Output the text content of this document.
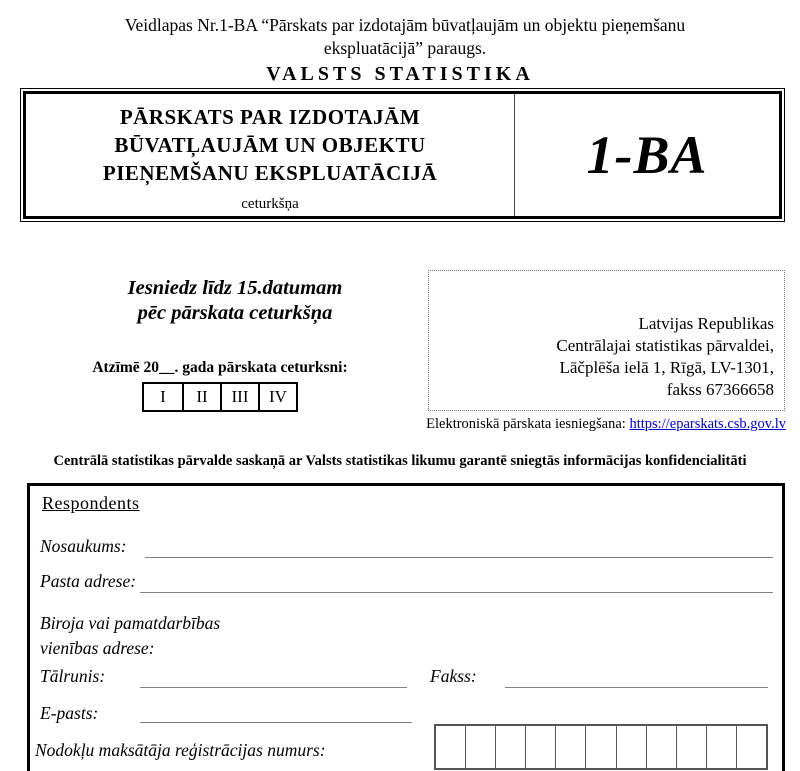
Veidlapas Nr.1-BA “Pārskats par izdotajām būvatļaujām un objektu pieņemšanu ekspluatācijā” paraugs.
VALSTS STATISTIKA
PĀRSKATS PAR IZDOTAJĀM
BŪVATĻAUJĀM UN OBJEKTU
PIEŅEMŠANU EKSPLUATĀCIJĀ
ceturkšņa
1-BA
Iesniedz līdz 15.datumam
pēc pārskata ceturkšņa	Latvijas Republikas
Centrālajai statistikas pārvaldei,
Lāčplēša ielā 1, Rīgā, LV-1301,
fakss 67366658
Atzīmē 20__. gada pārskata ceturksni:
I	II	III	IV
Elektroniskā pārskata iesniegšana: https://eparskats.csb.gov.lv
Centrālā statistikas pārvalde saskaņā ar Valsts statistikas likumu garantē sniegtās informācijas konfidencialitāti
Respondents
Nosaukums:
Pasta adrese:
Biroja vai pamatdarbības
vienības adrese:
Tālrunis:	Fakss:
E-pasts:
Nodokļu maksātāja reģistrācijas numurs:
